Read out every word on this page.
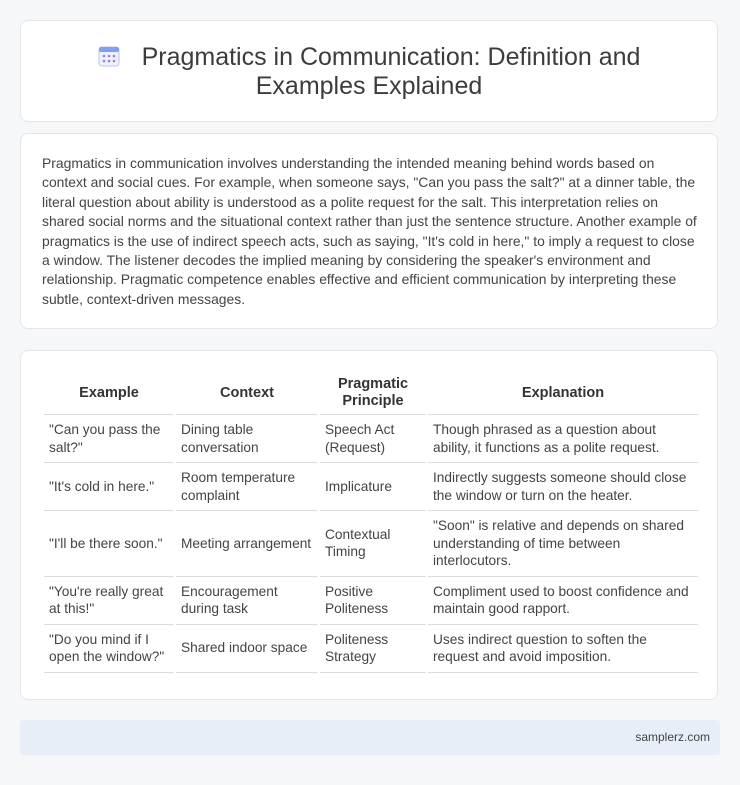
Pragmatics in Communication: Definition and Examples Explained

Pragmatics in communication involves understanding the intended meaning behind words based on context and social cues. For example, when someone says, "Can you pass the salt?" at a dinner table, the literal question about ability is understood as a polite request for the salt. This interpretation relies on shared social norms and the situational context rather than just the sentence structure. Another example of pragmatics is the use of indirect speech acts, such as saying, "It's cold in here," to imply a request to close a window. The listener decodes the implied meaning by considering the speaker's environment and relationship. Pragmatic competence enables effective and efficient communication by interpreting these subtle, context-driven messages.

Example	Context	Pragmatic Principle	Explanation
"Can you pass the salt?"	Dining table conversation	Speech Act (Request)	Though phrased as a question about ability, it functions as a polite request.
"It's cold in here."	Room temperature complaint	Implicature	Indirectly suggests someone should close the window or turn on the heater.
"I'll be there soon."	Meeting arrangement	Contextual Timing	"Soon" is relative and depends on shared understanding of time between interlocutors.
"You're really great at this!"	Encouragement during task	Positive Politeness	Compliment used to boost confidence and maintain good rapport.
"Do you mind if I open the window?"	Shared indoor space	Politeness Strategy	Uses indirect question to soften the request and avoid imposition.
samplerz.com
